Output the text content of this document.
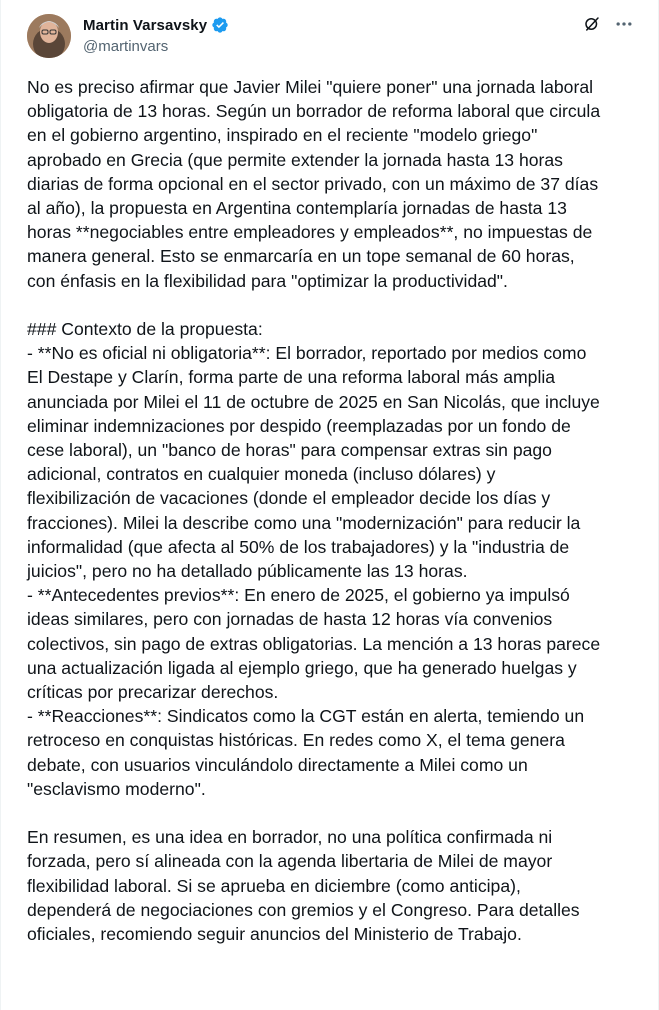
Martin Varsavsky
@martinvars
No es preciso afirmar que Javier Milei "quiere poner" una jornada laboral
obligatoria de 13 horas. Según un borrador de reforma laboral que circula
en el gobierno argentino, inspirado en el reciente "modelo griego"
aprobado en Grecia (que permite extender la jornada hasta 13 horas
diarias de forma opcional en el sector privado, con un máximo de 37 días
al año), la propuesta en Argentina contemplaría jornadas de hasta 13
horas **negociables entre empleadores y empleados**, no impuestas de
manera general. Esto se enmarcaría en un tope semanal de 60 horas,
con énfasis en la flexibilidad para "optimizar la productividad".
### Contexto de la propuesta:
- **No es oficial ni obligatoria**: El borrador, reportado por medios como
El Destape y Clarín, forma parte de una reforma laboral más amplia
anunciada por Milei el 11 de octubre de 2025 en San Nicolás, que incluye
eliminar indemnizaciones por despido (reemplazadas por un fondo de
cese laboral), un "banco de horas" para compensar extras sin pago
adicional, contratos en cualquier moneda (incluso dólares) y
flexibilización de vacaciones (donde el empleador decide los días y
fracciones). Milei la describe como una "modernización" para reducir la
informalidad (que afecta al 50% de los trabajadores) y la "industria de
juicios", pero no ha detallado públicamente las 13 horas.
- **Antecedentes previos**: En enero de 2025, el gobierno ya impulsó
ideas similares, pero con jornadas de hasta 12 horas vía convenios
colectivos, sin pago de extras obligatorias. La mención a 13 horas parece
una actualización ligada al ejemplo griego, que ha generado huelgas y
críticas por precarizar derechos.
- **Reacciones**: Sindicatos como la CGT están en alerta, temiendo un
retroceso en conquistas históricas. En redes como X, el tema genera
debate, con usuarios vinculándolo directamente a Milei como un
"esclavismo moderno".
En resumen, es una idea en borrador, no una política confirmada ni
forzada, pero sí alineada con la agenda libertaria de Milei de mayor
flexibilidad laboral. Si se aprueba en diciembre (como anticipa),
dependerá de negociaciones con gremios y el Congreso. Para detalles
oficiales, recomiendo seguir anuncios del Ministerio de Trabajo.
